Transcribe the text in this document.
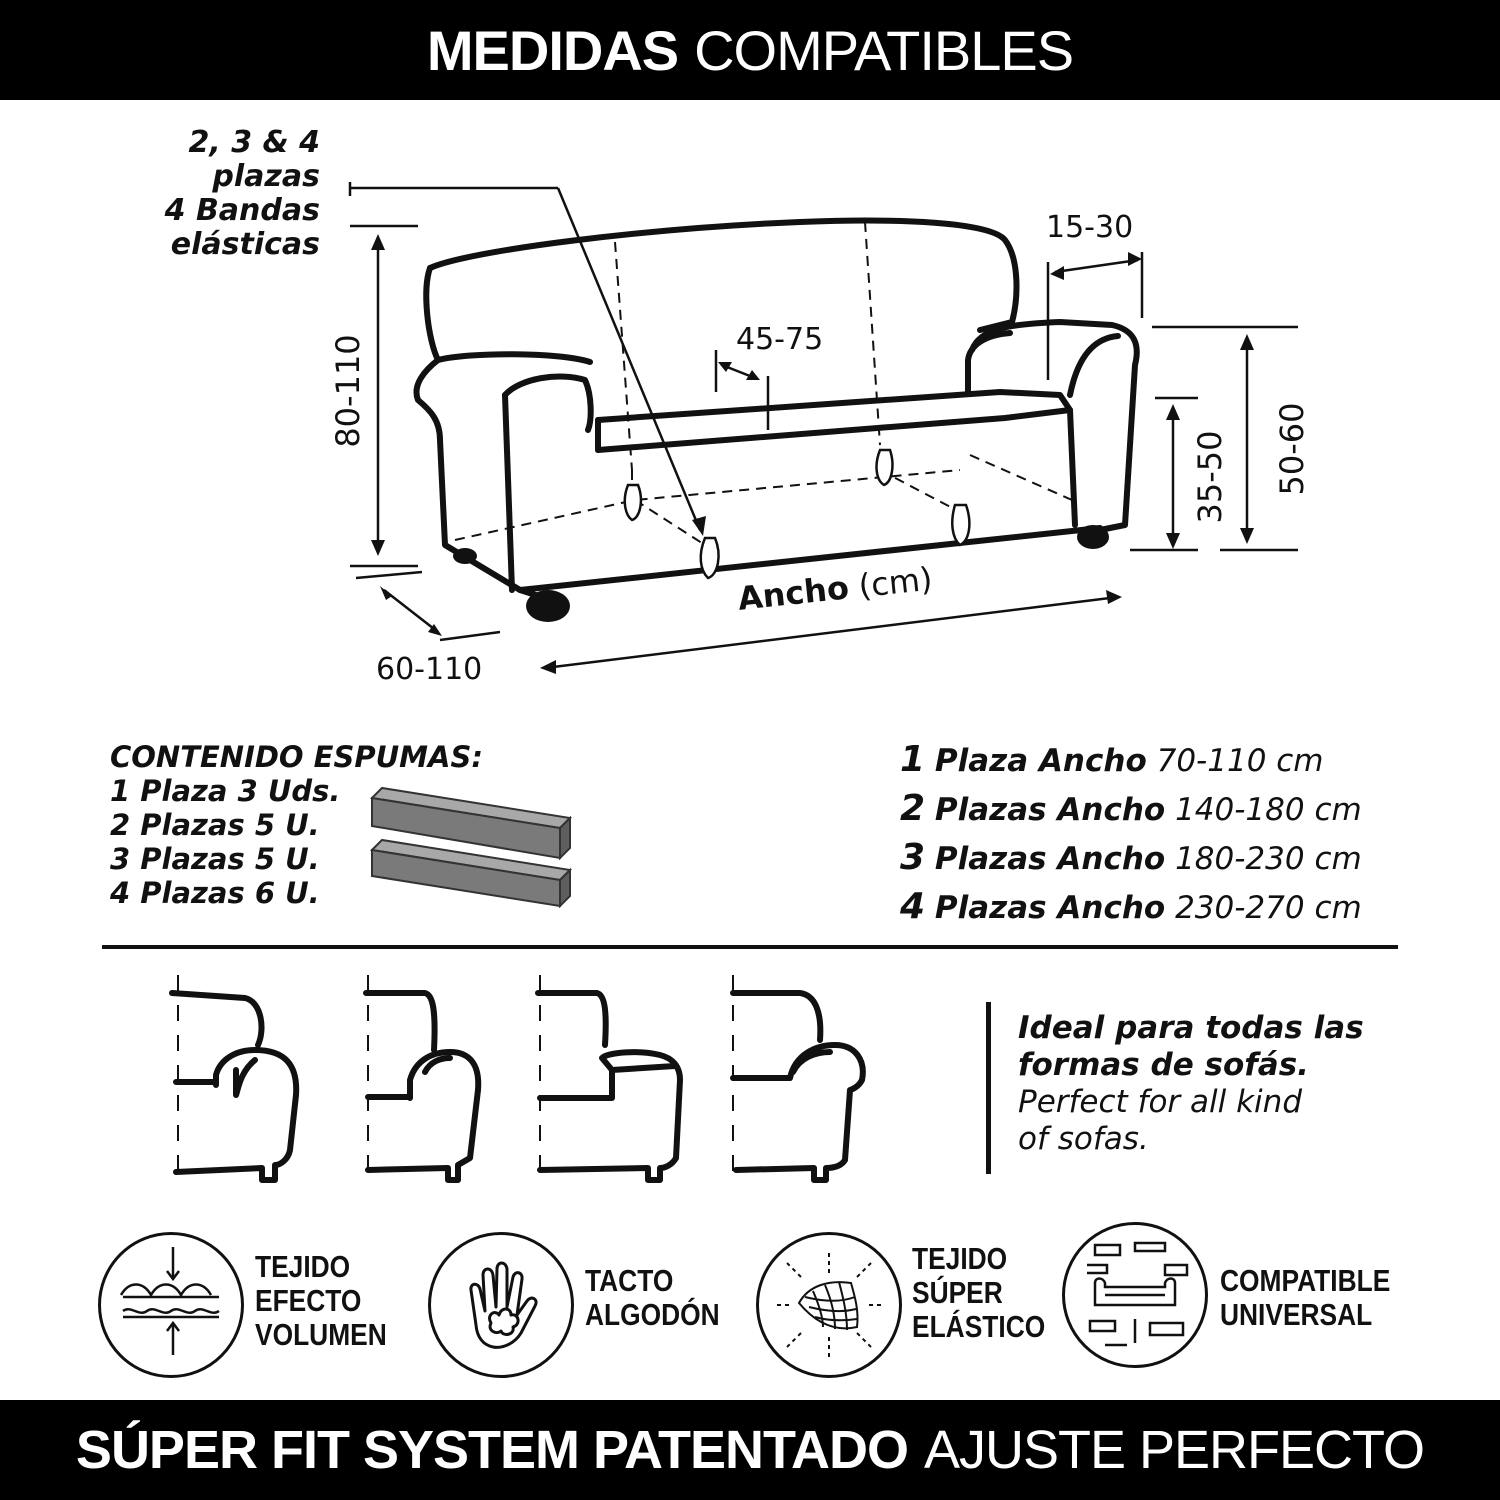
MEDIDAS COMPATIBLES
2, 3 & 4
plazas
4 Bandas
elásticas
80-110
60-110
45-75
15-30
50-60
35-50
Ancho (cm)
CONTENIDO ESPUMAS:
1 Plaza 3 Uds.
2 Plazas 5 U.
3 Plazas 5 U.
4 Plazas 6 U.
1 Plaza Ancho 70-110 cm
2 Plazas Ancho 140-180 cm
3 Plazas Ancho 180-230 cm
4 Plazas Ancho 230-270 cm
Ideal para todas las
formas de sofás.
Perfect for all kind
of sofas.
TEJIDO
EFECTO
VOLUMEN
TACTO
ALGODÓN
TEJIDO
SÚPER
ELÁSTICO
COMPATIBLE
UNIVERSAL
SÚPER FIT SYSTEM PATENTADO AJUSTE PERFECTO
